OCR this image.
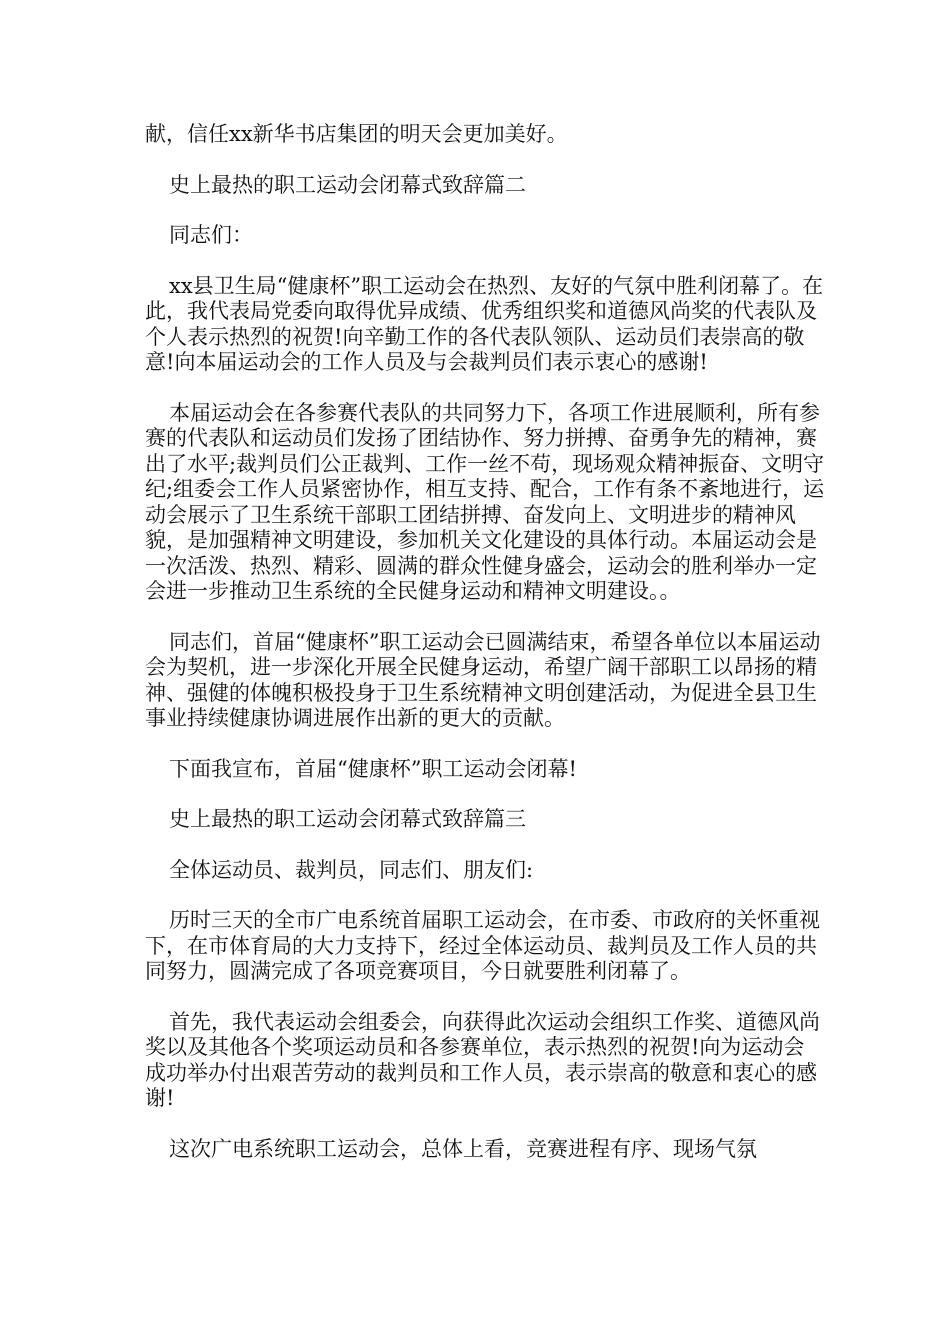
献，信任xx新华书店集团的明天会更加美好。

史上最热的职工运动会闭幕式致辞篇二

同志们：

xx县卫生局“健康杯”职工运动会在热烈、友好的气氛中胜利闭幕了。在此，我代表局党委向取得优异成绩、优秀组织奖和道德风尚奖的代表队及个人表示热烈的祝贺!向辛勤工作的各代表队领队、运动员们表崇高的敬意!向本届运动会的工作人员及与会裁判员们表示衷心的感谢!

本届运动会在各参赛代表队的共同努力下，各项工作进展顺利，所有参赛的代表队和运动员们发扬了团结协作、努力拼搏、奋勇争先的精神，赛出了水平;裁判员们公正裁判、工作一丝不苟，现场观众精神振奋、文明守纪;组委会工作人员紧密协作，相互支持、配合，工作有条不紊地进行，运动会展示了卫生系统干部职工团结拼搏、奋发向上、文明进步的精神风貌，是加强精神文明建设，参加机关文化建设的具体行动。本届运动会是一次活泼、热烈、精彩、圆满的群众性健身盛会，运动会的胜利举办一定会进一步推动卫生系统的全民健身运动和精神文明建设。。

同志们，首届“健康杯”职工运动会已圆满结束，希望各单位以本届运动会为契机，进一步深化开展全民健身运动，希望广阔干部职工以昂扬的精神、强健的体魄积极投身于卫生系统精神文明创建活动，为促进全县卫生事业持续健康协调进展作出新的更大的贡献。

下面我宣布，首届“健康杯”职工运动会闭幕!

史上最热的职工运动会闭幕式致辞篇三

全体运动员、裁判员，同志们、朋友们:

历时三天的全市广电系统首届职工运动会，在市委、市政府的关怀重视下，在市体育局的大力支持下，经过全体运动员、裁判员及工作人员的共同努力，圆满完成了各项竞赛项目，今日就要胜利闭幕了。

首先，我代表运动会组委会，向获得此次运动会组织工作奖、道德风尚奖以及其他各个奖项运动员和各参赛单位，表示热烈的祝贺!向为运动会成功举办付出艰苦劳动的裁判员和工作人员，表示崇高的敬意和衷心的感谢!

这次广电系统职工运动会，总体上看，竞赛进程有序、现场气氛
